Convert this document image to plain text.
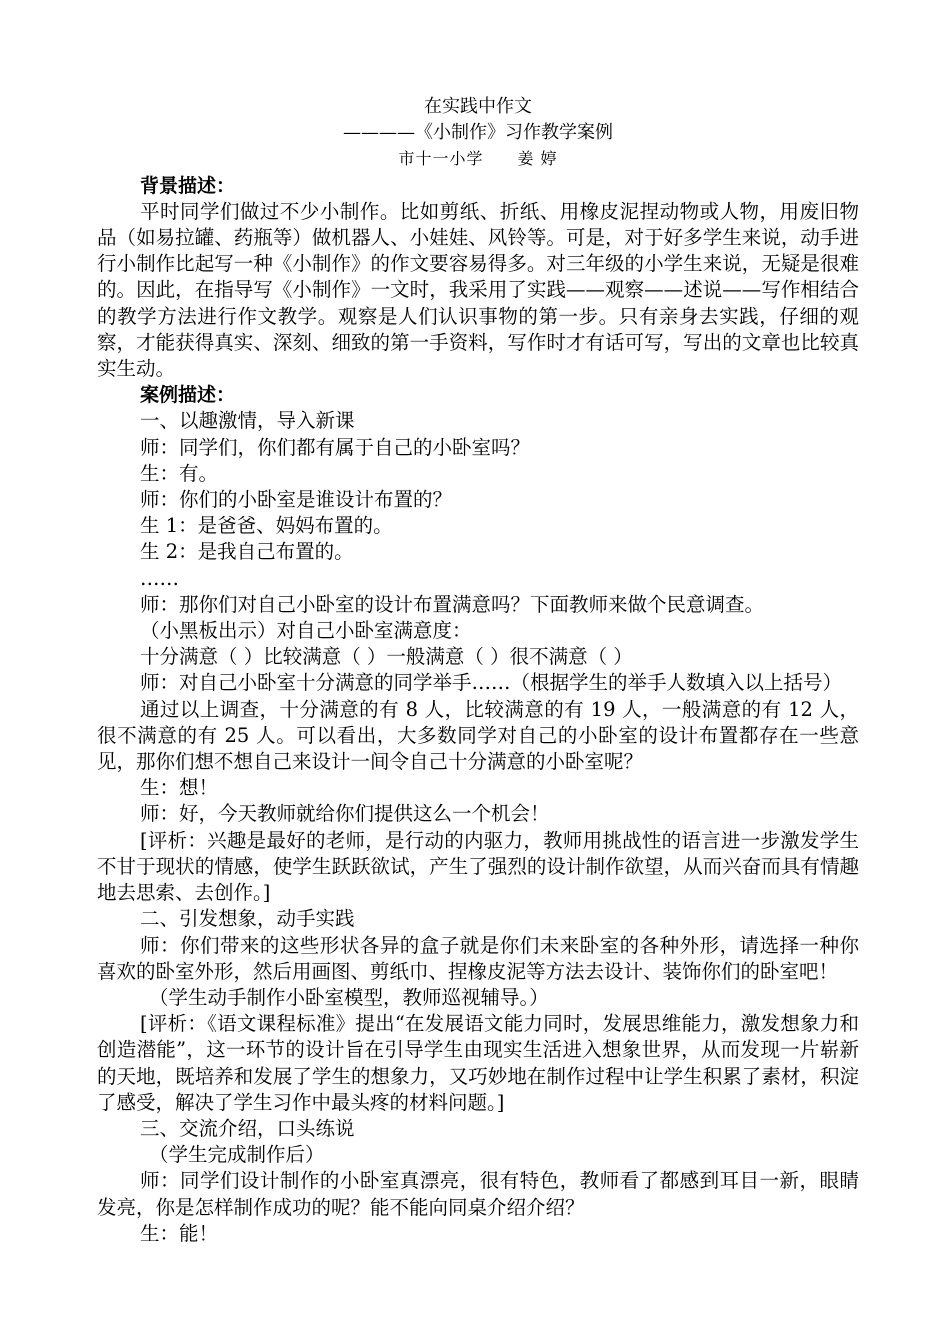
在实践中作文
————《小制作》习作教学案例
市十一小学 姜 婷
背景描述：
平时同学们做过不少小制作。比如剪纸、折纸、用橡皮泥捏动物或人物，用废旧物品（如易拉罐、药瓶等）做机器人、小娃娃、风铃等。可是，对于好多学生来说，动手进行小制作比起写一种《小制作》的作文要容易得多。对三年级的小学生来说，无疑是很难的。因此，在指导写《小制作》一文时，我采用了实践——观察——述说——写作相结合的教学方法进行作文教学。观察是人们认识事物的第一步。只有亲身去实践，仔细的观察，才能获得真实、深刻、细致的第一手资料，写作时才有话可写，写出的文章也比较真实生动。
案例描述：
一、以趣激情，导入新课
师：同学们，你们都有属于自己的小卧室吗？
生：有。
师：你们的小卧室是谁设计布置的？
生 1：是爸爸、妈妈布置的。
生 2：是我自己布置的。
……
师：那你们对自己小卧室的设计布置满意吗？下面教师来做个民意调查。
（小黑板出示）对自己小卧室满意度：
十分满意（ ）比较满意（ ）一般满意（ ）很不满意（ ）
师：对自己小卧室十分满意的同学举手……（根据学生的举手人数填入以上括号）
通过以上调查，十分满意的有 8 人，比较满意的有 19 人，一般满意的有 12 人，很不满意的有 25 人。可以看出，大多数同学对自己的小卧室的设计布置都存在一些意见，那你们想不想自己来设计一间令自己十分满意的小卧室呢？
生：想！
师：好，今天教师就给你们提供这么一个机会！
[评析：兴趣是最好的老师，是行动的内驱力，教师用挑战性的语言进一步激发学生不甘于现状的情感，使学生跃跃欲试，产生了强烈的设计制作欲望，从而兴奋而具有情趣地去思索、去创作。]
二、引发想象，动手实践
师：你们带来的这些形状各异的盒子就是你们未来卧室的各种外形，请选择一种你喜欢的卧室外形，然后用画图、剪纸巾、捏橡皮泥等方法去设计、装饰你们的卧室吧！
（学生动手制作小卧室模型，教师巡视辅导。）
[评析：《语文课程标准》提出“在发展语文能力同时，发展思维能力，激发想象力和创造潜能”，这一环节的设计旨在引导学生由现实生活进入想象世界，从而发现一片崭新的天地，既培养和发展了学生的想象力，又巧妙地在制作过程中让学生积累了素材，积淀了感受，解决了学生习作中最头疼的材料问题。]
三、交流介绍，口头练说
（学生完成制作后）
师：同学们设计制作的小卧室真漂亮，很有特色，教师看了都感到耳目一新，眼睛发亮，你是怎样制作成功的呢？能不能向同桌介绍介绍？
生：能！
